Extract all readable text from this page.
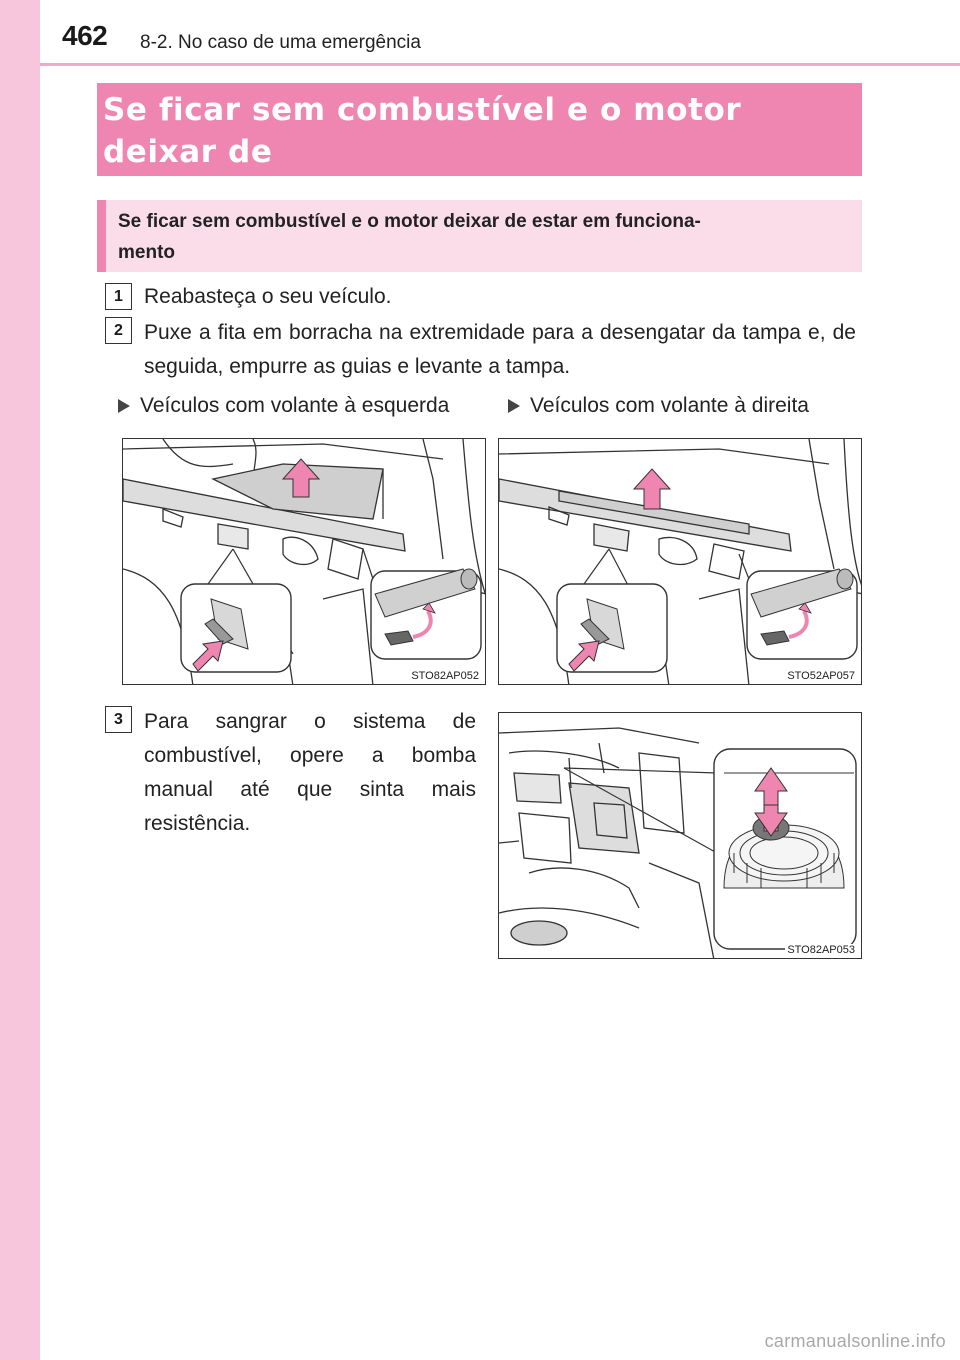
462 8-2. No caso de uma emergência
Se ficar sem combustível e o motor deixar de

Se ficar sem combustível e o motor deixar de estar em funciona-
mento
1	Reabasteça o seu veículo.
2	Puxe a fita em borracha na extremidade para a desengatar da tampa e, de seguida, empurre as guias e levante a tampa.
Veículos com volante à esquerda	Veículos com volante à direita
STO82AP052	STO52AP057
3	Para sangrar o sistema de combustível, opere a bomba manual até que sinta mais resistência.
STO82AP053
carmanualsonline.info
